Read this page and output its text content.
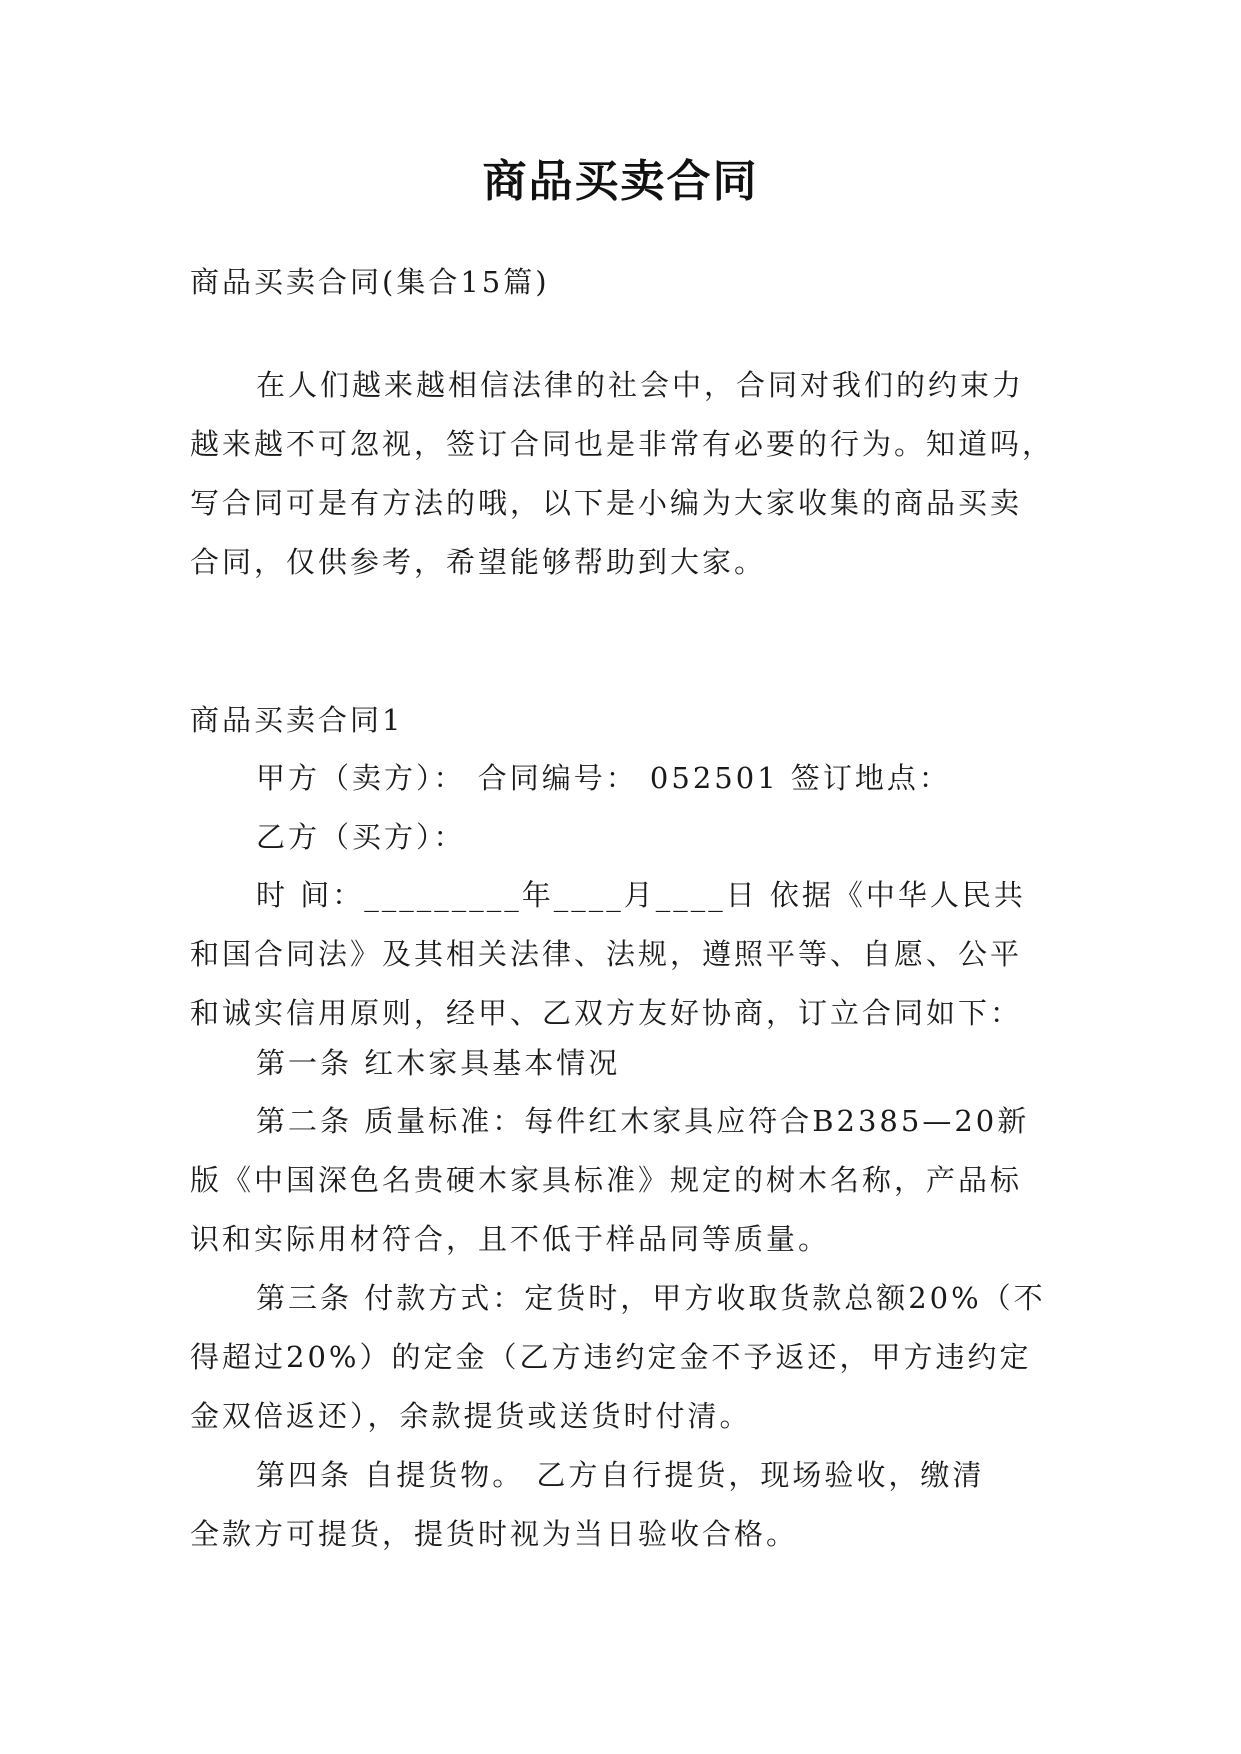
商品买卖合同
商品买卖合同(集合15篇)
在人们越来越相信法律的社会中，合同对我们的约束力
越来越不可忽视，签订合同也是非常有必要的行为。知道吗，
写合同可是有方法的哦，以下是小编为大家收集的商品买卖
合同，仅供参考，希望能够帮助到大家。
商品买卖合同1
甲方（卖方）： 合同编号： 052501 签订地点：
乙方（买方）：
时 间：_________年____月____日 依据《中华人民共
和国合同法》及其相关法律、法规，遵照平等、自愿、公平
和诚实信用原则，经甲、乙双方友好协商，订立合同如下：
第一条 红木家具基本情况
第二条 质量标准：每件红木家具应符合B2385—20新
版《中国深色名贵硬木家具标准》规定的树木名称，产品标
识和实际用材符合，且不低于样品同等质量。
第三条 付款方式：定货时，甲方收取货款总额20%（不
得超过20%）的定金（乙方违约定金不予返还，甲方违约定
金双倍返还），余款提货或送货时付清。
第四条 自提货物。 乙方自行提货，现场验收，缴清
全款方可提货，提货时视为当日验收合格。
